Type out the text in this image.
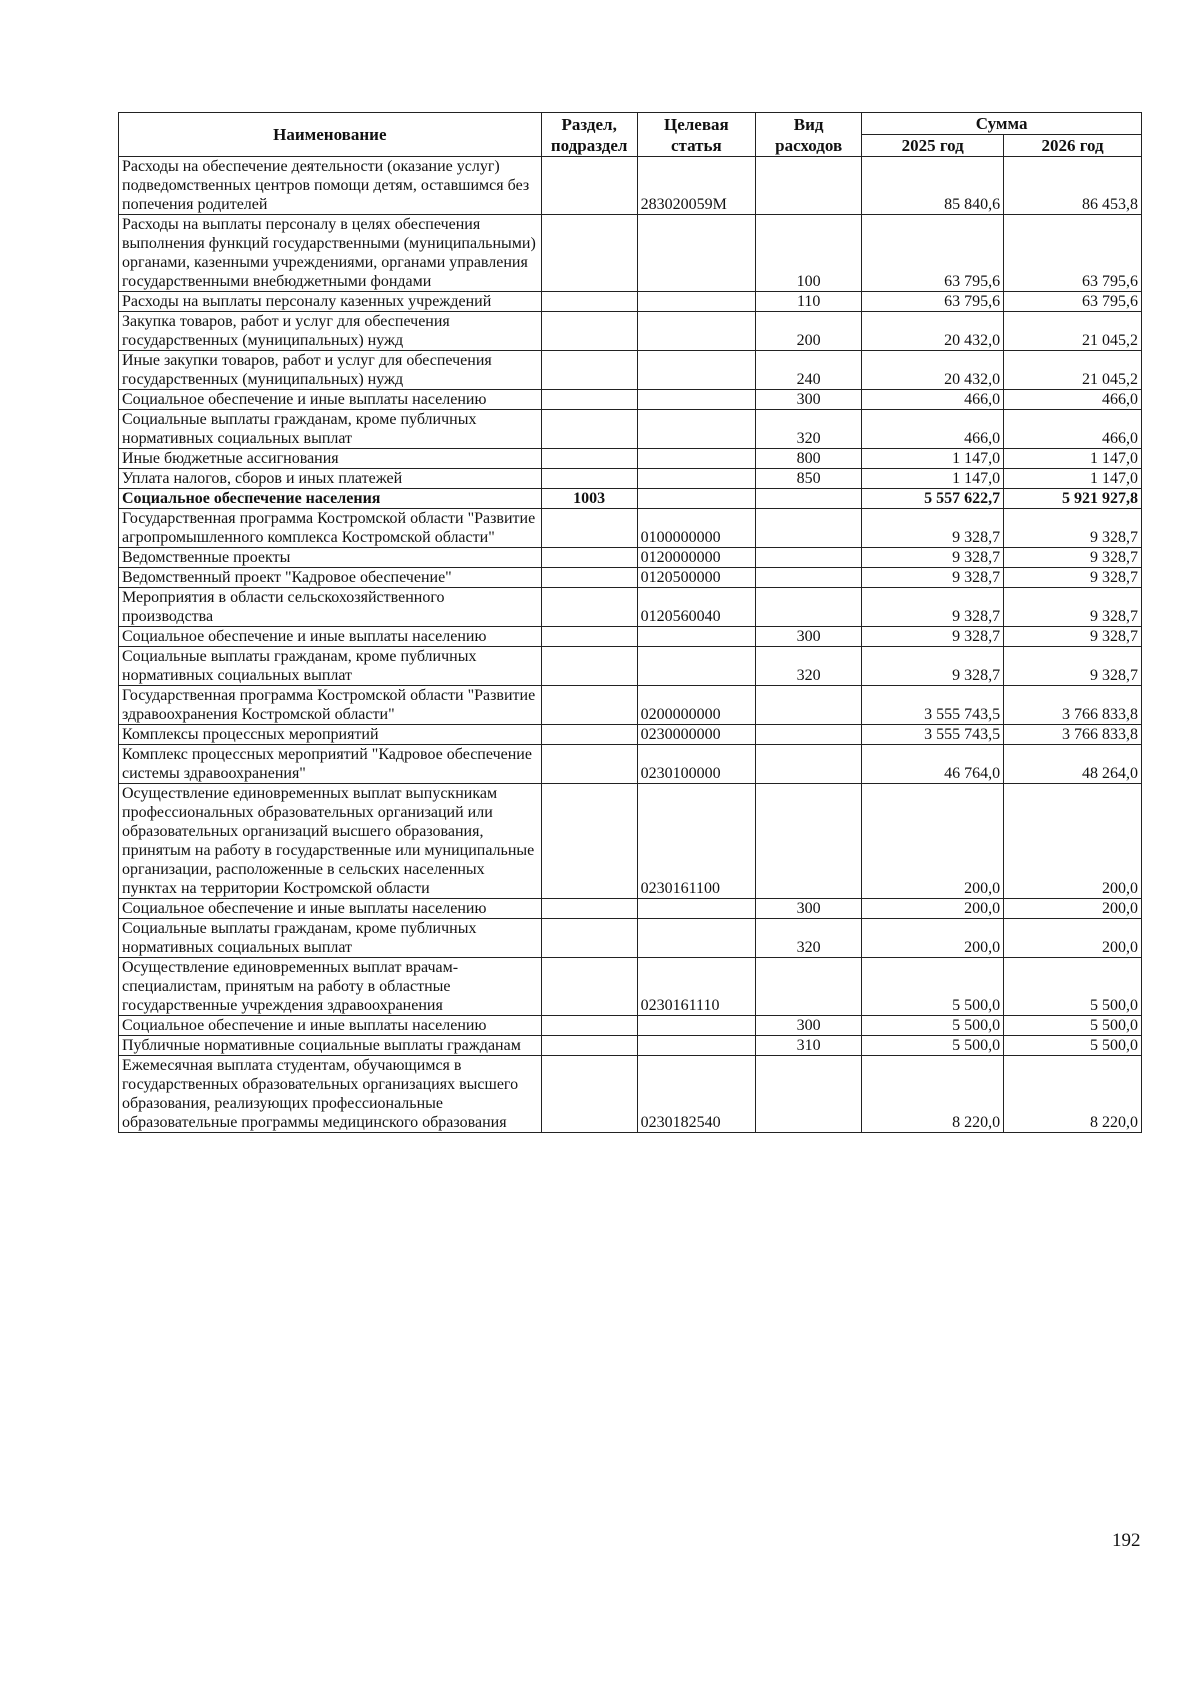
Наименование	Раздел, подраздел	Целевая статья	Вид расходов	Сумма	
				2025 год	2026 год
Расходы на обеспечение деятельности (оказание услуг) подведомственных центров помощи детям, оставшимся без попечения родителей		283020059М		85 840,6	86 453,8
Расходы на выплаты персоналу в целях обеспечения выполнения функций государственными (муниципальными) органами, казенными учреждениями, органами управления государственными внебюджетными фондами			100	63 795,6	63 795,6
Расходы на выплаты персоналу казенных учреждений			110	63 795,6	63 795,6
Закупка товаров, работ и услуг для обеспечения государственных (муниципальных) нужд			200	20 432,0	21 045,2
Иные закупки товаров, работ и услуг для обеспечения государственных (муниципальных) нужд			240	20 432,0	21 045,2
Социальное обеспечение и иные выплаты населению			300	466,0	466,0
Социальные выплаты гражданам, кроме публичных нормативных социальных выплат			320	466,0	466,0
Иные бюджетные ассигнования			800	1 147,0	1 147,0
Уплата налогов, сборов и иных платежей			850	1 147,0	1 147,0
Социальное обеспечение населения	1003			5 557 622,7	5 921 927,8
Государственная программа Костромской области "Развитие агропромышленного комплекса Костромской области"		0100000000		9 328,7	9 328,7
Ведомственные проекты		0120000000		9 328,7	9 328,7
Ведомственный проект "Кадровое обеспечение"		0120500000		9 328,7	9 328,7
Мероприятия в области сельскохозяйственного производства		0120560040		9 328,7	9 328,7
Социальное обеспечение и иные выплаты населению			300	9 328,7	9 328,7
Социальные выплаты гражданам, кроме публичных нормативных социальных выплат			320	9 328,7	9 328,7
Государственная программа Костромской области "Развитие здравоохранения Костромской области"		0200000000		3 555 743,5	3 766 833,8
Комплексы процессных мероприятий		0230000000		3 555 743,5	3 766 833,8
Комплекс процессных мероприятий "Кадровое обеспечение системы здравоохранения"		0230100000		46 764,0	48 264,0
Осуществление единовременных выплат выпускникам профессиональных образовательных организаций или образовательных организаций высшего образования, принятым на работу в государственные или муниципальные организации, расположенные в сельских населенных пунктах на территории Костромской области		0230161100		200,0	200,0
Социальное обеспечение и иные выплаты населению			300	200,0	200,0
Социальные выплаты гражданам, кроме публичных нормативных социальных выплат			320	200,0	200,0
Осуществление единовременных выплат врачам-специалистам, принятым на работу в областные государственные учреждения здравоохранения		0230161110		5 500,0	5 500,0
Социальное обеспечение и иные выплаты населению			300	5 500,0	5 500,0
Публичные нормативные социальные выплаты гражданам			310	5 500,0	5 500,0
Ежемесячная выплата студентам, обучающимся в государственных образовательных организациях высшего образования, реализующих профессиональные образовательные программы медицинского образования		0230182540		8 220,0	8 220,0
192
